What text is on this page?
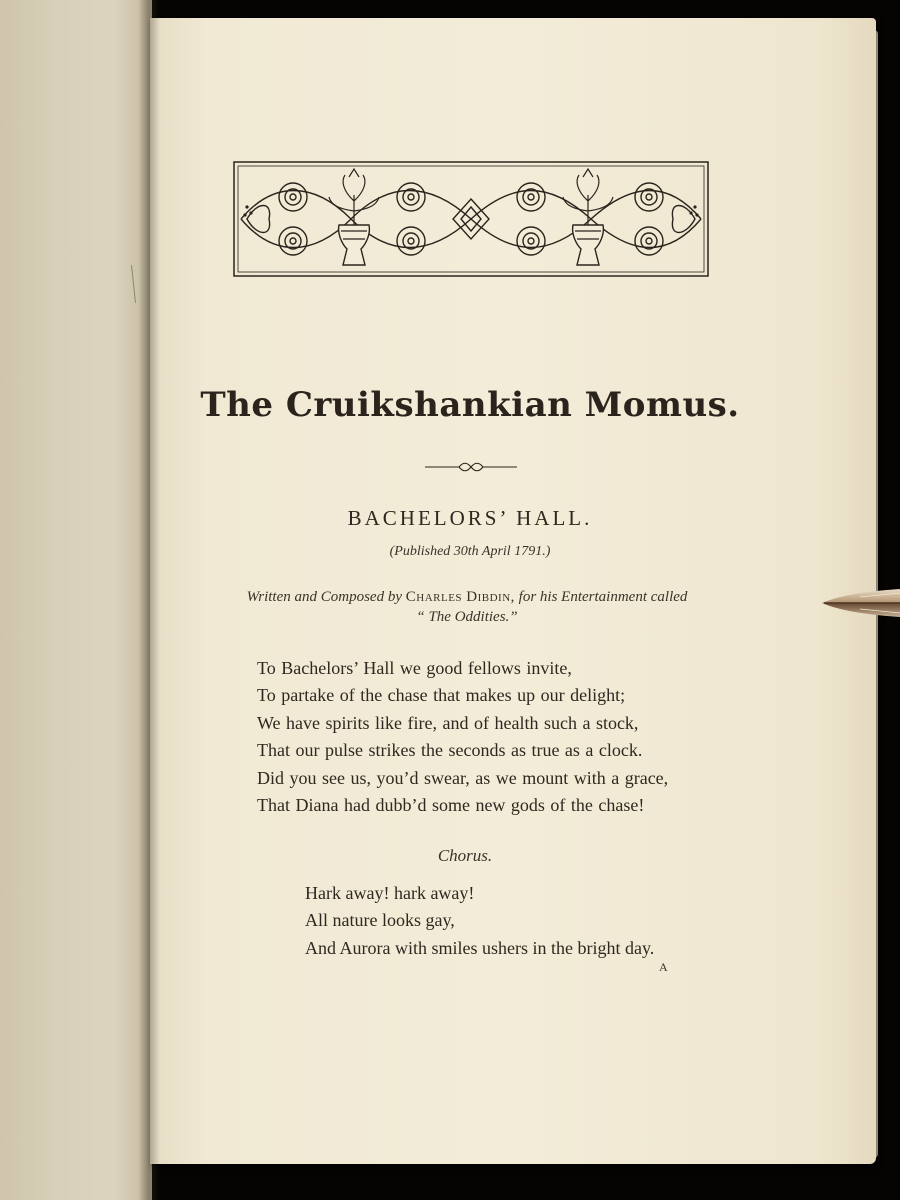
The Cruikshankian Momus.
BACHELORS’ HALL.
(Published 30th April 1791.)
Written and Composed by Charles Dibdin, for his Entertainment called
“ The Oddities.”
To Bachelors’ Hall we good fellows invite,
To partake of the chase that makes up our delight;
We have spirits like fire, and of health such a stock,
That our pulse strikes the seconds as true as a clock.
Did you see us, you’d swear, as we mount with a grace,
That Diana had dubb’d some new gods of the chase!
Chorus.
Hark away! hark away!
All nature looks gay,
And Aurora with smiles ushers in the bright day.
A
